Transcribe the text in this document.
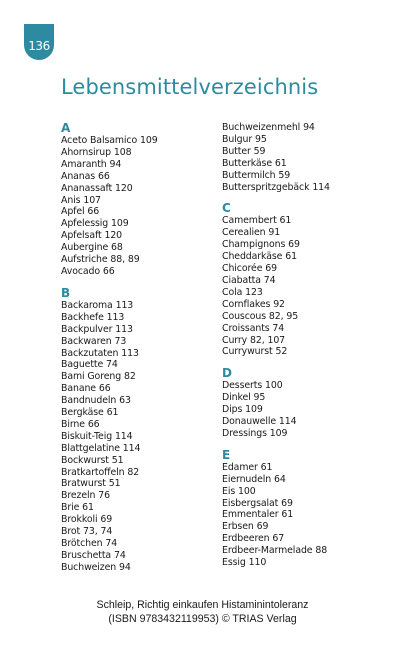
136
Lebensmittelverzeichnis
A
Aceto Balsamico 109
Ahornsirup 108
Amaranth 94
Ananas 66
Ananassaft 120
Anis 107
Apfel 66
Apfelessig 109
Apfelsaft 120
Aubergine 68
Aufstriche 88, 89
Avocado 66
B
Backaroma 113
Backhefe 113
Backpulver 113
Backwaren 73
Backzutaten 113
Baguette 74
Bami Goreng 82
Banane 66
Bandnudeln 63
Bergkäse 61
Birne 66
Biskuit-Teig 114
Blattgelatine 114
Bockwurst 51
Bratkartoffeln 82
Bratwurst 51
Brezeln 76
Brie 61
Brokkoli 69
Brot 73, 74
Brötchen 74
Bruschetta 74
Buchweizen 94
Buchweizenmehl 94
Bulgur 95
Butter 59
Butterkäse 61
Buttermilch 59
Butterspritzgebäck 114
C
Camembert 61
Cerealien 91
Champignons 69
Cheddarkäse 61
Chicorée 69
Ciabatta 74
Cola 123
Cornflakes 92
Couscous 82, 95
Croissants 74
Curry 82, 107
Currywurst 52
D
Desserts 100
Dinkel 95
Dips 109
Donauwelle 114
Dressings 109
E
Edamer 61
Eiernudeln 64
Eis 100
Eisbergsalat 69
Emmentaler 61
Erbsen 69
Erdbeeren 67
Erdbeer-Marmelade 88
Essig 110
Schleip, Richtig einkaufen Histaminintoleranz
(ISBN 9783432119953) © TRIAS Verlag
